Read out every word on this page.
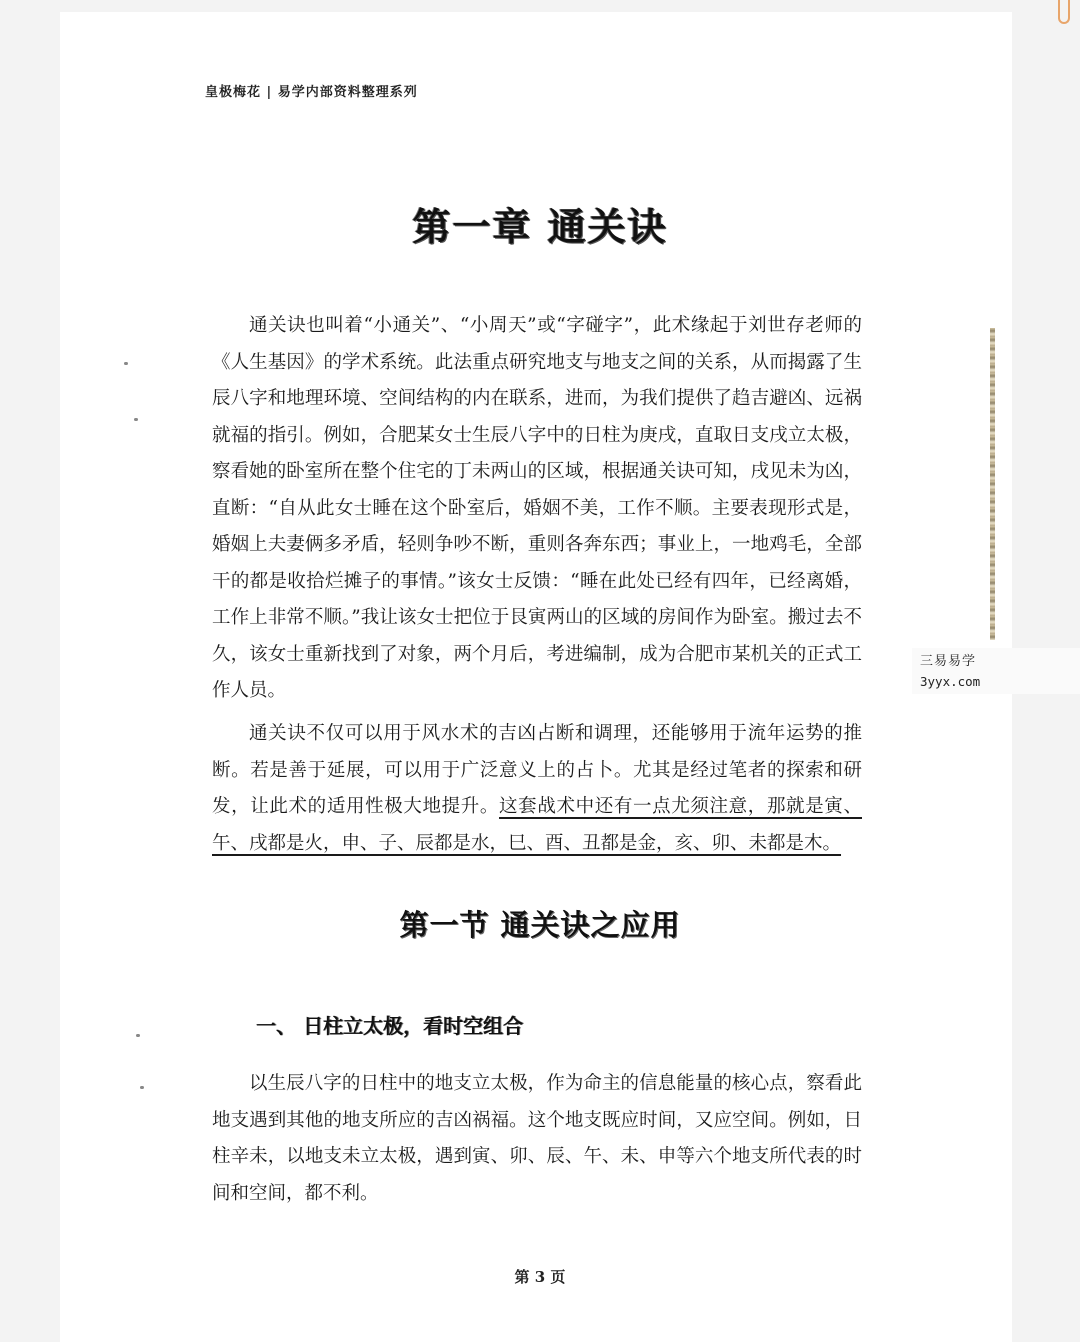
皇极梅花 | 易学内部资料整理系列
第一章 通关诀

通关诀也叫着“小通关”、“小周天”或“字碰字”，此术缘起于刘世存老师的《人生基因》的学术系统。此法重点研究地支与地支之间的关系，从而揭露了生辰八字和地理环境、空间结构的内在联系，进而，为我们提供了趋吉避凶、远祸就福的指引。例如，合肥某女士生辰八字中的日柱为庚戌，直取日支戌立太极，察看她的卧室所在整个住宅的丁未两山的区域，根据通关诀可知，戌见未为凶，直断：“自从此女士睡在这个卧室后，婚姻不美，工作不顺。主要表现形式是，婚姻上夫妻俩多矛盾，轻则争吵不断，重则各奔东西；事业上，一地鸡毛，全部干的都是收拾烂摊子的事情。”该女士反馈：“睡在此处已经有四年，已经离婚，工作上非常不顺。”我让该女士把位于艮寅两山的区域的房间作为卧室。搬过去不久，该女士重新找到了对象，两个月后，考进编制，成为合肥市某机关的正式工作人员。

通关诀不仅可以用于风水术的吉凶占断和调理，还能够用于流年运势的推断。若是善于延展，可以用于广泛意义上的占卜。尤其是经过笔者的探索和研发，让此术的适用性极大地提升。这套战术中还有一点尤须注意，那就是寅、午、戌都是火，申、子、辰都是水，巳、酉、丑都是金，亥、卯、未都是木。

第一节 通关诀之应用
一、 日柱立太极，看时空组合

以生辰八字的日柱中的地支立太极，作为命主的信息能量的核心点，察看此地支遇到其他的地支所应的吉凶祸福。这个地支既应时间，又应空间。例如，日柱辛未，以地支未立太极，遇到寅、卯、辰、午、未、申等六个地支所代表的时间和空间，都不利。

第 3 页
三易易学
3yyx.com
